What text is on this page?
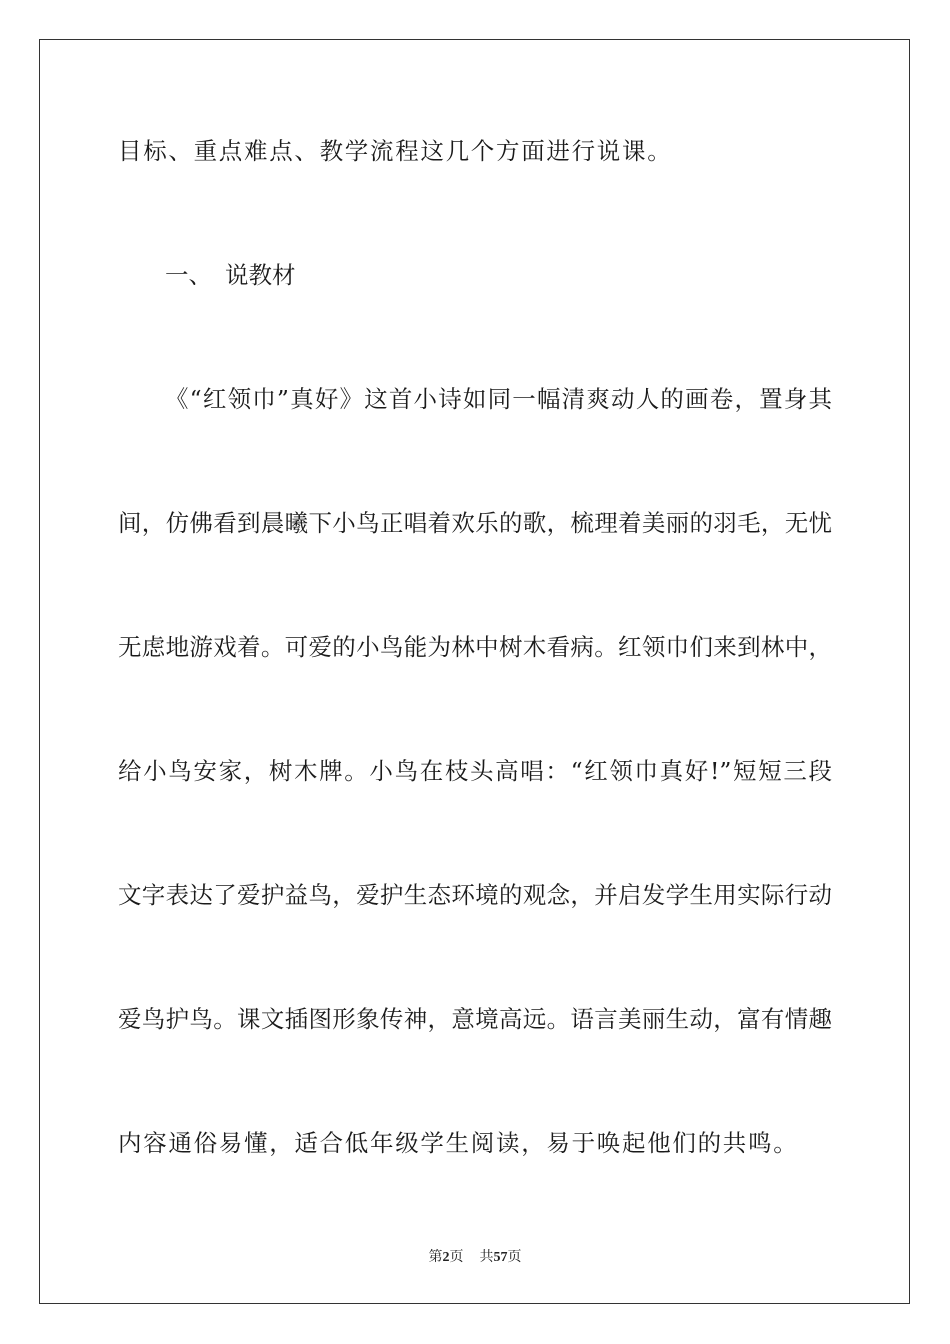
目标、重点难点、教学流程这几个方面进行说课。
一、 说教材
《“红领巾”真好》这首小诗如同一幅清爽动人的画卷，置身其
间，仿佛看到晨曦下小鸟正唱着欢乐的歌，梳理着美丽的羽毛，无忧
无虑地游戏着。可爱的小鸟能为林中树木看病。红领巾们来到林中，
给小鸟安家，树木牌。小鸟在枝头高唱：“红领巾真好!”短短三段
文字表达了爱护益鸟，爱护生态环境的观念，并启发学生用实际行动
爱鸟护鸟。课文插图形象传神，意境高远。语言美丽生动，富有情趣
内容通俗易懂，适合低年级学生阅读，易于唤起他们的共鸣。
第2页 共57页
